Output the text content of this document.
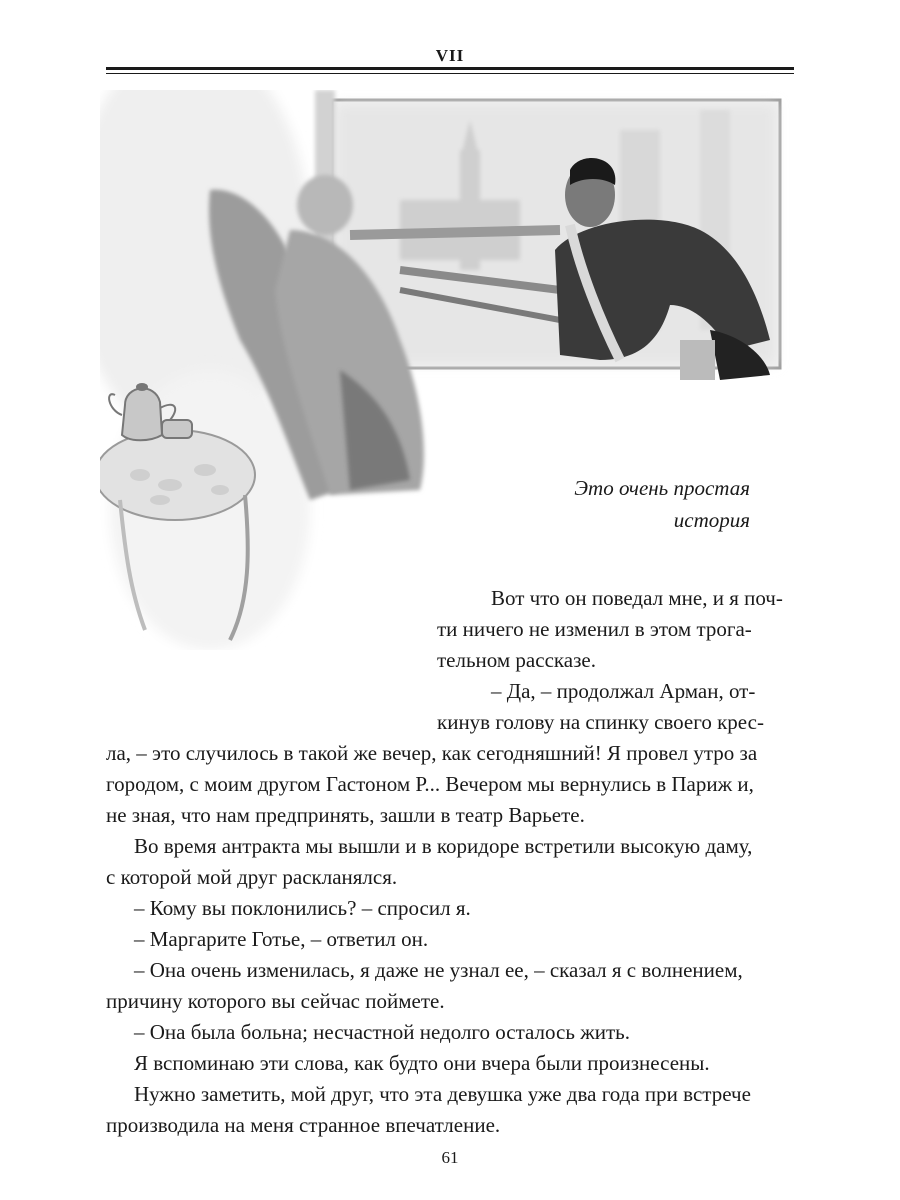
VII
Это очень простая
история
Вот что он поведал мне, и я поч-
ти ничего не изменил в этом трога-
тельном рассказе.
– Да, – продолжал Арман, от-
кинув голову на спинку своего крес-
ла, – это случилось в такой же вечер, как сегодняшний! Я провел утро за
городом, с моим другом Гастоном Р... Вечером мы вернулись в Париж и,
не зная, что нам предпринять, зашли в театр Варьете.
Во время антракта мы вышли и в коридоре встретили высокую даму,
с которой мой друг раскланялся.
– Кому вы поклонились? – спросил я.
– Маргарите Готье, – ответил он.
– Она очень изменилась, я даже не узнал ее, – сказал я с волнением,
причину которого вы сейчас поймете.
– Она была больна; несчастной недолго осталось жить.
Я вспоминаю эти слова, как будто они вчера были произнесены.
Нужно заметить, мой друг, что эта девушка уже два года при встрече
производила на меня странное впечатление.
61
